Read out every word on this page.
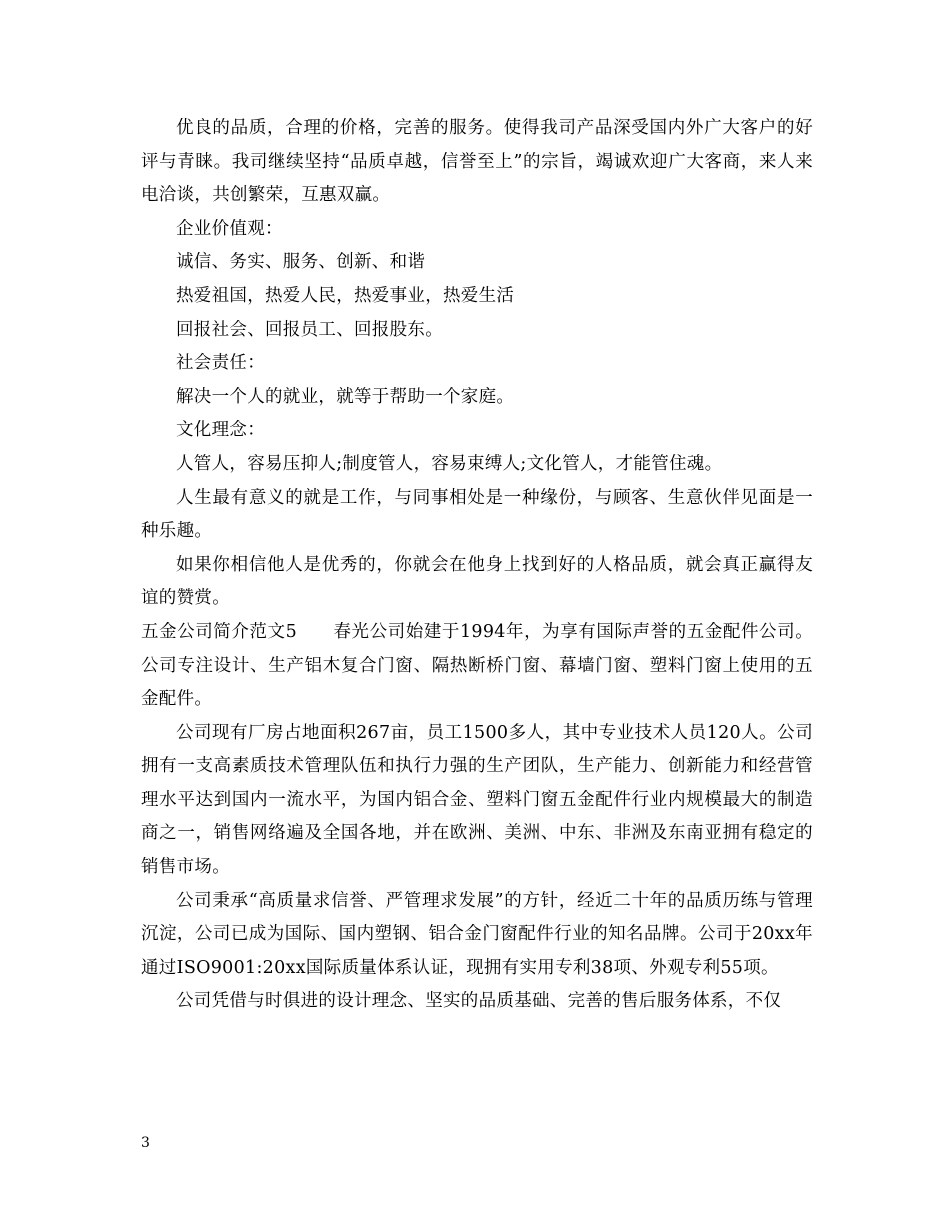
优良的品质，合理的价格，完善的服务。使得我司产品深受国内外广大客户的好评与青睐。我司继续坚持“品质卓越，信誉至上”的宗旨，竭诚欢迎广大客商，来人来电洽谈，共创繁荣，互惠双赢。

企业价值观：

诚信、务实、服务、创新、和谐

热爱祖国，热爱人民，热爱事业，热爱生活

回报社会、回报员工、回报股东。

社会责任：

解决一个人的就业，就等于帮助一个家庭。

文化理念：

人管人，容易压抑人;制度管人，容易束缚人;文化管人，才能管住魂。

人生最有意义的就是工作，与同事相处是一种缘份，与顾客、生意伙伴见面是一种乐趣。

如果你相信他人是优秀的，你就会在他身上找到好的人格品质，就会真正赢得友谊的赞赏。

五金公司简介范文5　　春光公司始建于1994年，为享有国际声誉的五金配件公司。公司专注设计、生产铝木复合门窗、隔热断桥门窗、幕墙门窗、塑料门窗上使用的五金配件。

公司现有厂房占地面积267亩，员工1500多人，其中专业技术人员120人。公司拥有一支高素质技术管理队伍和执行力强的生产团队，生产能力、创新能力和经营管理水平达到国内一流水平，为国内铝合金、塑料门窗五金配件行业内规模最大的制造商之一，销售网络遍及全国各地，并在欧洲、美洲、中东、非洲及东南亚拥有稳定的销售市场。

公司秉承“高质量求信誉、严管理求发展”的方针，经近二十年的品质历练与管理沉淀，公司已成为国际、国内塑钢、铝合金门窗配件行业的知名品牌。公司于20xx年通过ISO9001:20xx国际质量体系认证，现拥有实用专利38项、外观专利55项。

公司凭借与时俱进的设计理念、坚实的品质基础、完善的售后服务体系，不仅

3
